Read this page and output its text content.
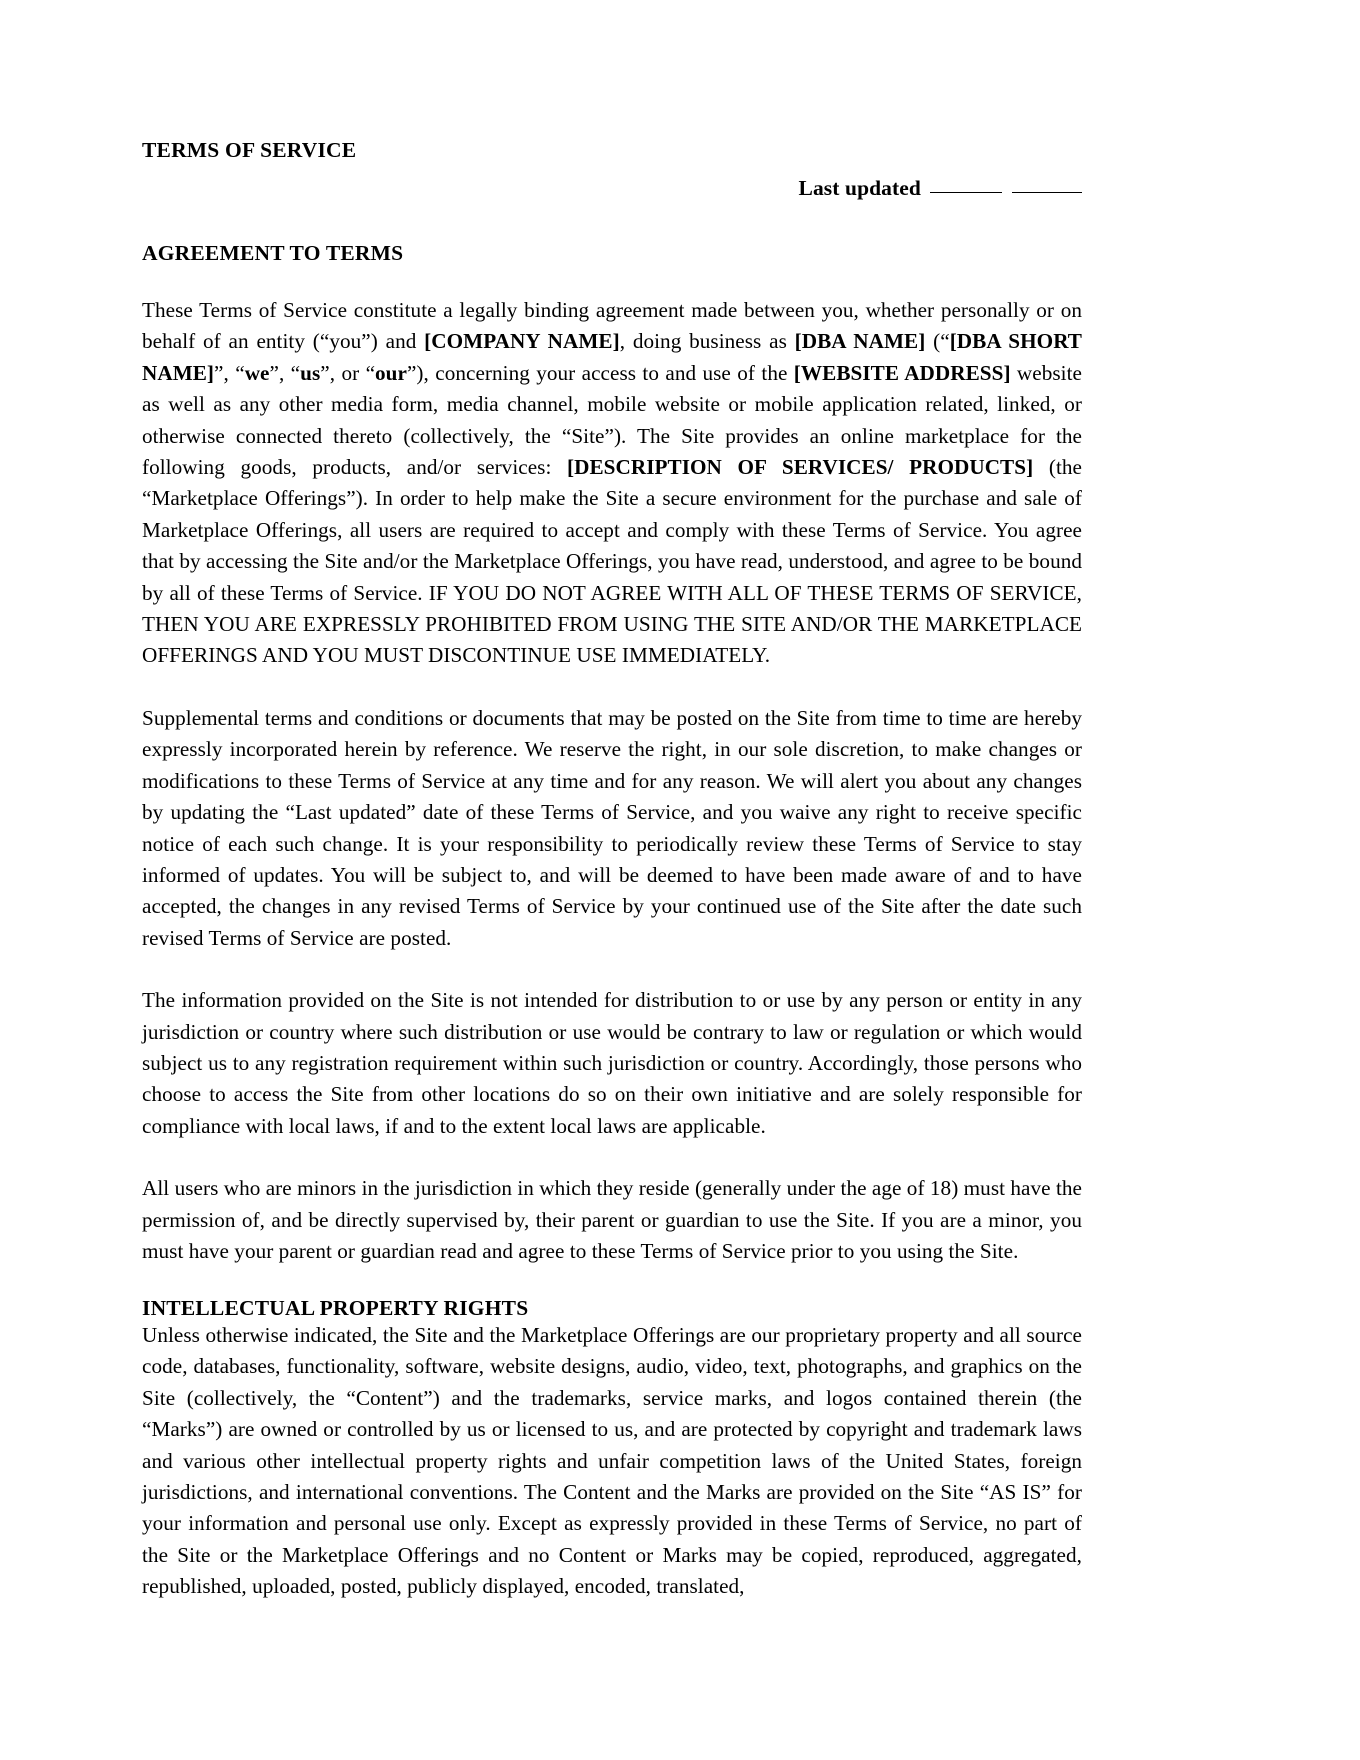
TERMS OF SERVICE
Last updated
AGREEMENT TO TERMS

These Terms of Service constitute a legally binding agreement made between you, whether personally or on behalf of an entity (“you”) and [COMPANY NAME], doing business as [DBA NAME] (“[DBA SHORT NAME]”, “we”, “us”, or “our”), concerning your access to and use of the [WEBSITE ADDRESS] website as well as any other media form, media channel, mobile website or mobile application related, linked, or otherwise connected thereto (collectively, the “Site”). The Site provides an online marketplace for the following goods, products, and/or services: [DESCRIPTION OF SERVICES/ PRODUCTS] (the “Marketplace Offerings”). In order to help make the Site a secure environment for the purchase and sale of Marketplace Offerings, all users are required to accept and comply with these Terms of Service. You agree that by accessing the Site and/or the Marketplace Offerings, you have read, understood, and agree to be bound by all of these Terms of Service. IF YOU DO NOT AGREE WITH ALL OF THESE TERMS OF SERVICE, THEN YOU ARE EXPRESSLY PROHIBITED FROM USING THE SITE AND/OR THE MARKETPLACE OFFERINGS AND YOU MUST DISCONTINUE USE IMMEDIATELY.

Supplemental terms and conditions or documents that may be posted on the Site from time to time are hereby expressly incorporated herein by reference. We reserve the right, in our sole discretion, to make changes or modifications to these Terms of Service at any time and for any reason. We will alert you about any changes by updating the “Last updated” date of these Terms of Service, and you waive any right to receive specific notice of each such change. It is your responsibility to periodically review these Terms of Service to stay informed of updates. You will be subject to, and will be deemed to have been made aware of and to have accepted, the changes in any revised Terms of Service by your continued use of the Site after the date such revised Terms of Service are posted.

The information provided on the Site is not intended for distribution to or use by any person or entity in any jurisdiction or country where such distribution or use would be contrary to law or regulation or which would subject us to any registration requirement within such jurisdiction or country. Accordingly, those persons who choose to access the Site from other locations do so on their own initiative and are solely responsible for compliance with local laws, if and to the extent local laws are applicable.

All users who are minors in the jurisdiction in which they reside (generally under the age of 18) must have the permission of, and be directly supervised by, their parent or guardian to use the Site. If you are a minor, you must have your parent or guardian read and agree to these Terms of Service prior to you using the Site.

INTELLECTUAL PROPERTY RIGHTS

Unless otherwise indicated, the Site and the Marketplace Offerings are our proprietary property and all source code, databases, functionality, software, website designs, audio, video, text, photographs, and graphics on the Site (collectively, the “Content”) and the trademarks, service marks, and logos contained therein (the “Marks”) are owned or controlled by us or licensed to us, and are protected by copyright and trademark laws and various other intellectual property rights and unfair competition laws of the United States, foreign jurisdictions, and international conventions. The Content and the Marks are provided on the Site “AS IS” for your information and personal use only. Except as expressly provided in these Terms of Service, no part of the Site or the Marketplace Offerings and no Content or Marks may be copied, reproduced, aggregated, republished, uploaded, posted, publicly displayed, encoded, translated,
